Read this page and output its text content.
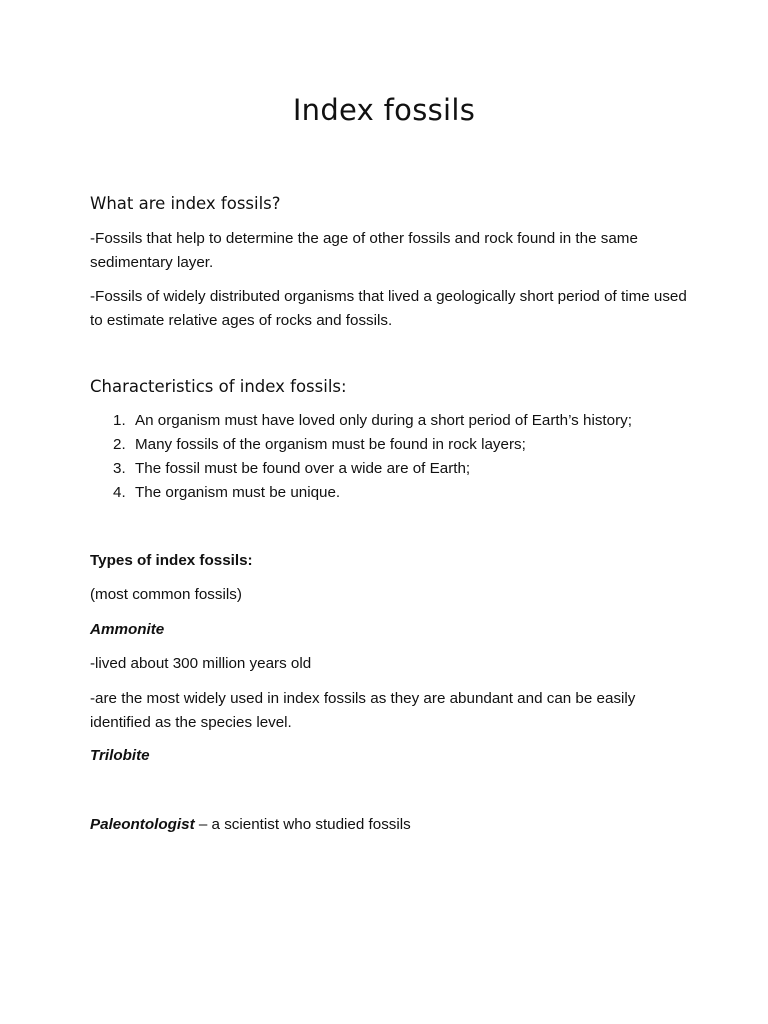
Index fossils
What are index fossils?
-Fossils that help to determine the age of other fossils and rock found in the same sedimentary layer.
-Fossils of widely distributed organisms that lived a geologically short period of time used to estimate relative ages of rocks and fossils.
Characteristics of index fossils:
1. An organism must have loved only during a short period of Earth’s history;
2. Many fossils of the organism must be found in rock layers;
3. The fossil must be found over a wide are of Earth;
4. The organism must be unique.
Types of index fossils:
(most common fossils)
Ammonite
-lived about 300 million years old
-are the most widely used in index fossils as they are abundant and can be easily identified as the species level.
Trilobite
Paleontologist – a scientist who studied fossils
